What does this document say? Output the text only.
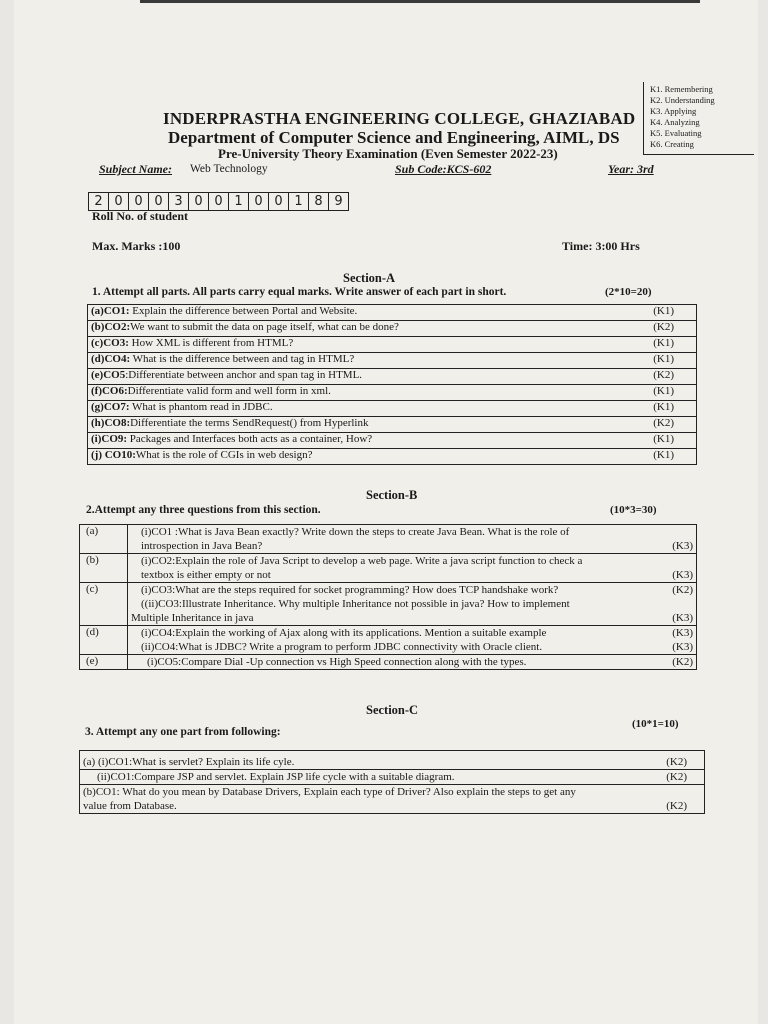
K1. Remembering
K2. Understanding
K3. Applying
K4. Analyzing
K5. Evaluating
K6. Creating
INDERPRASTHA ENGINEERING COLLEGE, GHAZIABAD
Department of Computer Science and Engineering, AIML, DS
Pre-University Theory Examination (Even Semester 2022-23)
Subject Name: Web Technology	Sub Code:KCS-602	Year: 3rd
2 0 0 0 3 0 0 1 0 0 1 8 9
Roll No. of student
Max. Marks :100	Time: 3:00 Hrs
Section-A
1. Attempt all parts. All parts carry equal marks. Write answer of each part in short.	(2*10=20)
(a)CO1: Explain the difference between Portal and Website.	(K1)

(b)CO2:We want to submit the data on page itself, what can be done?	(K2)

(c)CO3: How XML is different from HTML?	(K1)

(d)CO4: What is the difference between and tag in HTML?	(K1)

(e)CO5:Differentiate between anchor and span tag in HTML.	(K2)

(f)CO6:Differentiate valid form and well form in xml.	(K1)

(g)CO7: What is phantom read in JDBC.	(K1)

(h)CO8:Differentiate the terms SendRequest() from Hyperlink	(K2)

(i)CO9: Packages and Interfaces both acts as a container, How?	(K1)

(j) CO10:What is the role of CGIs in web design?	(K1)
Section-B
2.Attempt any three questions from this section.	(10*3=30)
(a)	(i)CO1 :What is Java Bean exactly? Write down the steps to create Java Bean. What is the role of
introspection in Java Bean? (K3)

(b)	(i)CO2:Explain the role of Java Script to develop a web page. Write a java script function to check a
textbox is either empty or not (K3)

(c)	(i)CO3:What are the steps required for socket programming? How does TCP handshake work? (K2)
((ii)CO3:Illustrate Inheritance. Why multiple Inheritance not possible in java? How to implement
Multiple Inheritance in java (K3)

(d)	(i)CO4:Explain the working of Ajax along with its applications. Mention a suitable example (K3)
(ii)CO4:What is JDBC? Write a program to perform JDBC connectivity with Oracle client. (K3)

(e)	(i)CO5:Compare Dial -Up connection vs High Speed connection along with the types. (K2)
Section-C
(10*1=10)
3. Attempt any one part from following:
(a) (i)CO1:What is servlet? Explain its life cyle.	(K2)

(ii)CO1:Compare JSP and servlet. Explain JSP life cycle with a suitable diagram.	(K2)

(b)CO1: What do you mean by Database Drivers, Explain each type of Driver? Also explain the steps to get any
value from Database.	(K2)
